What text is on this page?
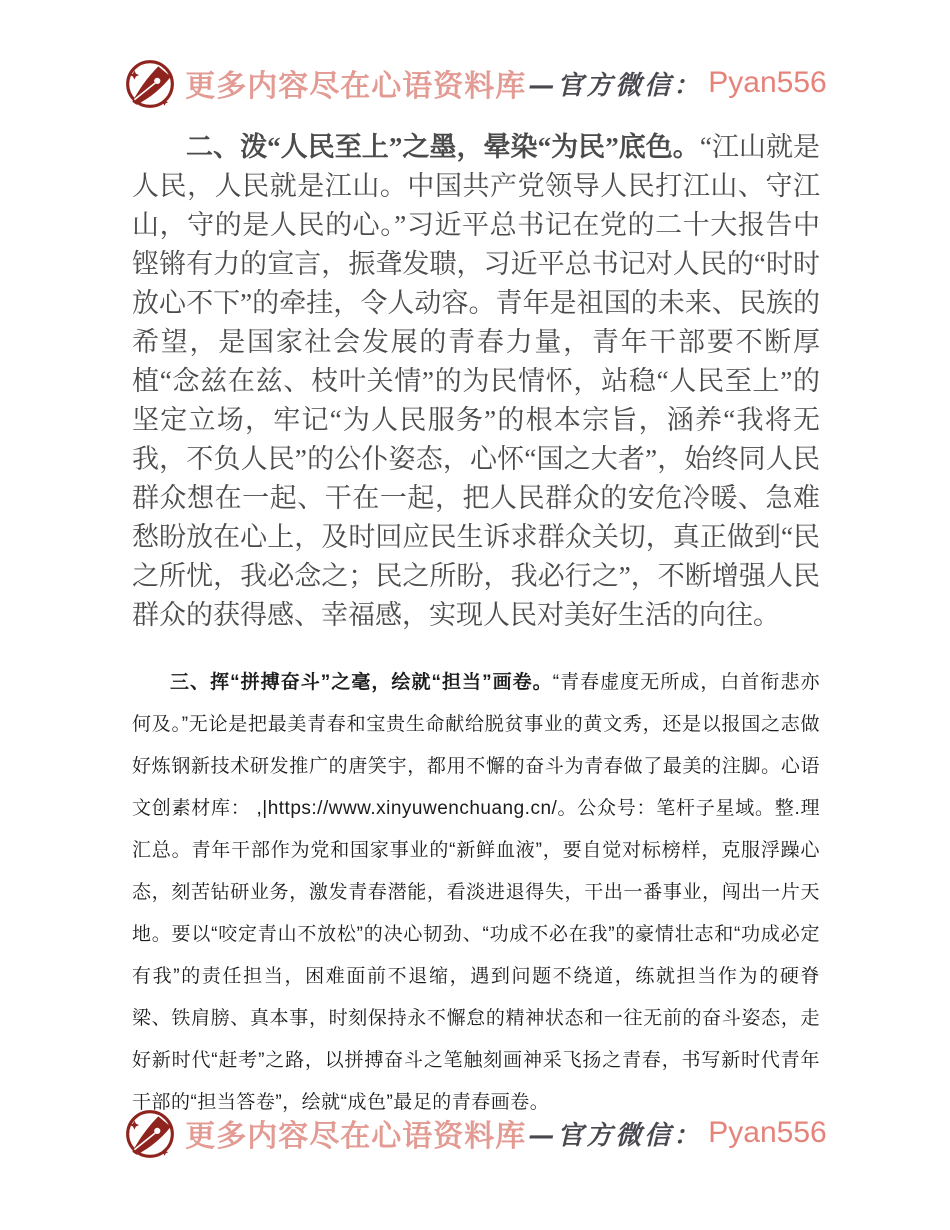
更多内容尽在心语资料库 —官方微信： Pyan556

二、泼“人民至上”之墨，晕染“为民”底色。“江山就是人民，人民就是江山。中国共产党领导人民打江山、守江山，守的是人民的心。”习近平总书记在党的二十大报告中铿锵有力的宣言，振聋发聩，习近平总书记对人民的“时时放心不下”的牵挂，令人动容。青年是祖国的未来、民族的希望，是国家社会发展的青春力量，青年干部要不断厚植“念兹在兹、枝叶关情”的为民情怀，站稳“人民至上”的坚定立场，牢记“为人民服务”的根本宗旨，涵养“我将无我，不负人民”的公仆姿态，心怀“国之大者”，始终同人民群众想在一起、干在一起，把人民群众的安危冷暖、急难愁盼放在心上，及时回应民生诉求群众关切，真正做到“民之所忧，我必念之；民之所盼，我必行之”，不断增强人民群众的获得感、幸福感，实现人民对美好生活的向往。

三、挥“拼搏奋斗”之毫，绘就“担当”画卷。“青春虚度无所成，白首衔悲亦何及。”无论是把最美青春和宝贵生命献给脱贫事业的黄文秀，还是以报国之志做好炼钢新技术研发推广的唐笑宇，都用不懈的奋斗为青春做了最美的注脚。心语文创素材库： ,|https://www.xinyuwenchuang.cn/。公众号：笔杆子星域。整.理汇总。青年干部作为党和国家事业的“新鲜血液”，要自觉对标榜样，克服浮躁心态，刻苦钻研业务，激发青春潜能，看淡进退得失，干出一番事业，闯出一片天地。要以“咬定青山不放松”的决心韧劲、“功成不必在我”的豪情壮志和“功成必定有我”的责任担当，困难面前不退缩，遇到问题不绕道，练就担当作为的硬脊梁、铁肩膀、真本事，时刻保持永不懈怠的精神状态和一往无前的奋斗姿态，走好新时代“赶考”之路，以拼搏奋斗之笔触刻画神采飞扬之青春，书写新时代青年干部的“担当答卷”，绘就“成色”最足的青春画卷。

更多内容尽在心语资料库 —官方微信： Pyan556
